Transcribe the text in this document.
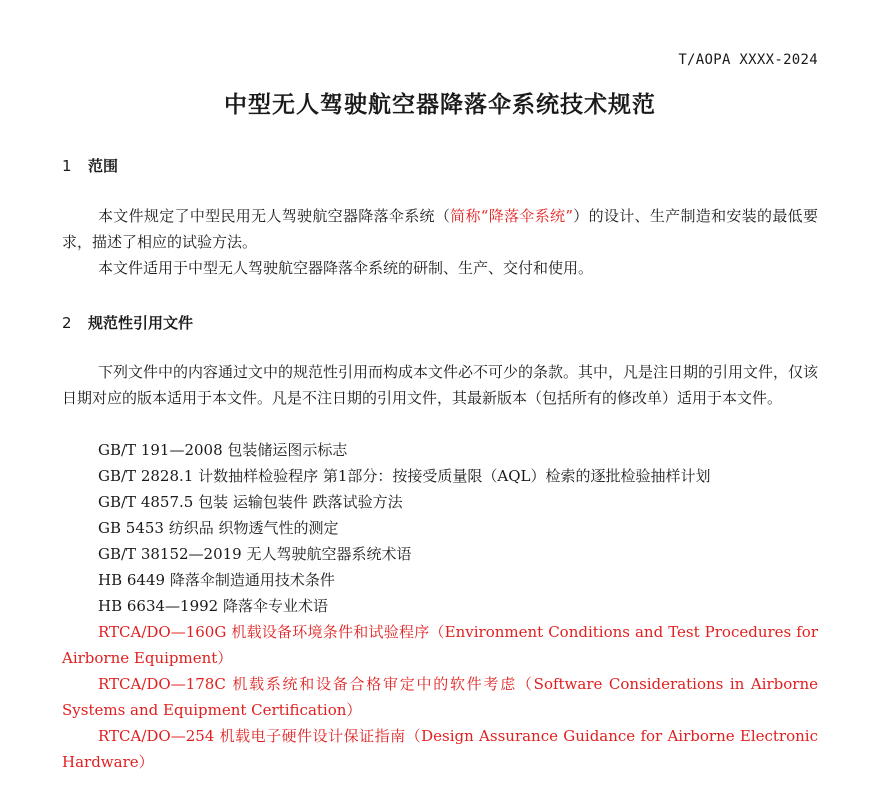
T/AOPA XXXX-2024
中型无人驾驶航空器降落伞系统技术规范
1 范围

本文件规定了中型民用无人驾驶航空器降落伞系统（简称“降落伞系统”）的设计、生产制造和安装的最低要求，描述了相应的试验方法。

本文件适用于中型无人驾驶航空器降落伞系统的研制、生产、交付和使用。

2 规范性引用文件

下列文件中的内容通过文中的规范性引用而构成本文件必不可少的条款。其中，凡是注日期的引用文件，仅该日期对应的版本适用于本文件。凡是不注日期的引用文件，其最新版本（包括所有的修改单）适用于本文件。

GB/T 191—2008 包装储运图示标志

GB/T 2828.1 计数抽样检验程序 第1部分：按接受质量限（AQL）检索的逐批检验抽样计划

GB/T 4857.5 包装 运输包装件 跌落试验方法

GB 5453 纺织品 织物透气性的测定

GB/T 38152—2019 无人驾驶航空器系统术语

HB 6449 降落伞制造通用技术条件

HB 6634—1992 降落伞专业术语

RTCA/DO—160G 机载设备环境条件和试验程序（Environment Conditions and Test Procedures for Airborne Equipment）

RTCA/DO—178C 机载系统和设备合格审定中的软件考虑（Software Considerations in Airborne Systems and Equipment Certification）

RTCA/DO—254 机载电子硬件设计保证指南（Design Assurance Guidance for Airborne Electronic Hardware）
